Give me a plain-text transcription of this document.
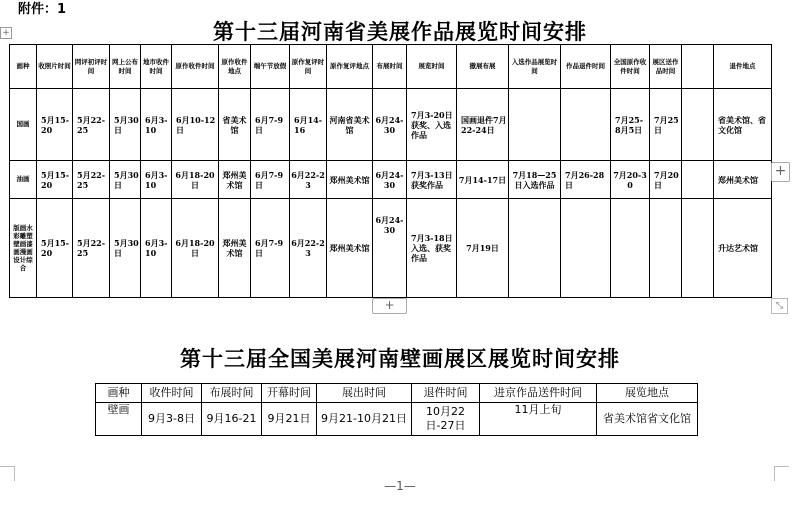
附件：1
+	第十三届河南省美展作品展览时间安排
画种	收照片时间	网评初评时间	网上公布时间	地市收件时间	原作收件时间	原作收件地点	端午节放假	原作复评时间	原作复评地点	布展时间	展览时间	撤展布展	入选作品展览时间	作品退件时间	全国原作收件时间	展区送作品时间		退件地点
国画	5月15-20	5月22-25	5月30日	6月3-10	6月10-12日	省美术馆	6月7-9日	6月14-16	河南省美术馆	6月24-30	7月3-20日获奖、入选作品	国画退件7月22-24日			7月25-8月5日	7月25日		省美术馆、省文化馆
油画	5月15-20	5月22-25	5月30日	6月3-10	6月18-20日	郑州美术馆	6月7-9日	6月22-23	郑州美术馆	6月24-30	7月3-13日获奖作品	7月14-17日	7月18—25日入选作品	7月26-28日	7月20-30	7月20日		郑州美术馆
版画水彩雕塑壁画漆画漫画设计综合	5月15-20	5月22-25	5月30日	6月3-10	6月18-20日	郑州美术馆	6月7-9日	6月22-23	郑州美术馆	6月24-30	7月3-18日入选、获奖作品	7月19日						升达艺术馆
+
+	⤡
第十三届全国美展河南壁画展区展览时间安排
画种	收件时间	布展时间	开幕时间	展出时间	退件时间	进京作品送件时间	展览地点
壁画	9月3-8日	9月16-21	9月21日	9月21-10月21日	10月22日-27日	11月上旬	省美术馆省文化馆
—1—
